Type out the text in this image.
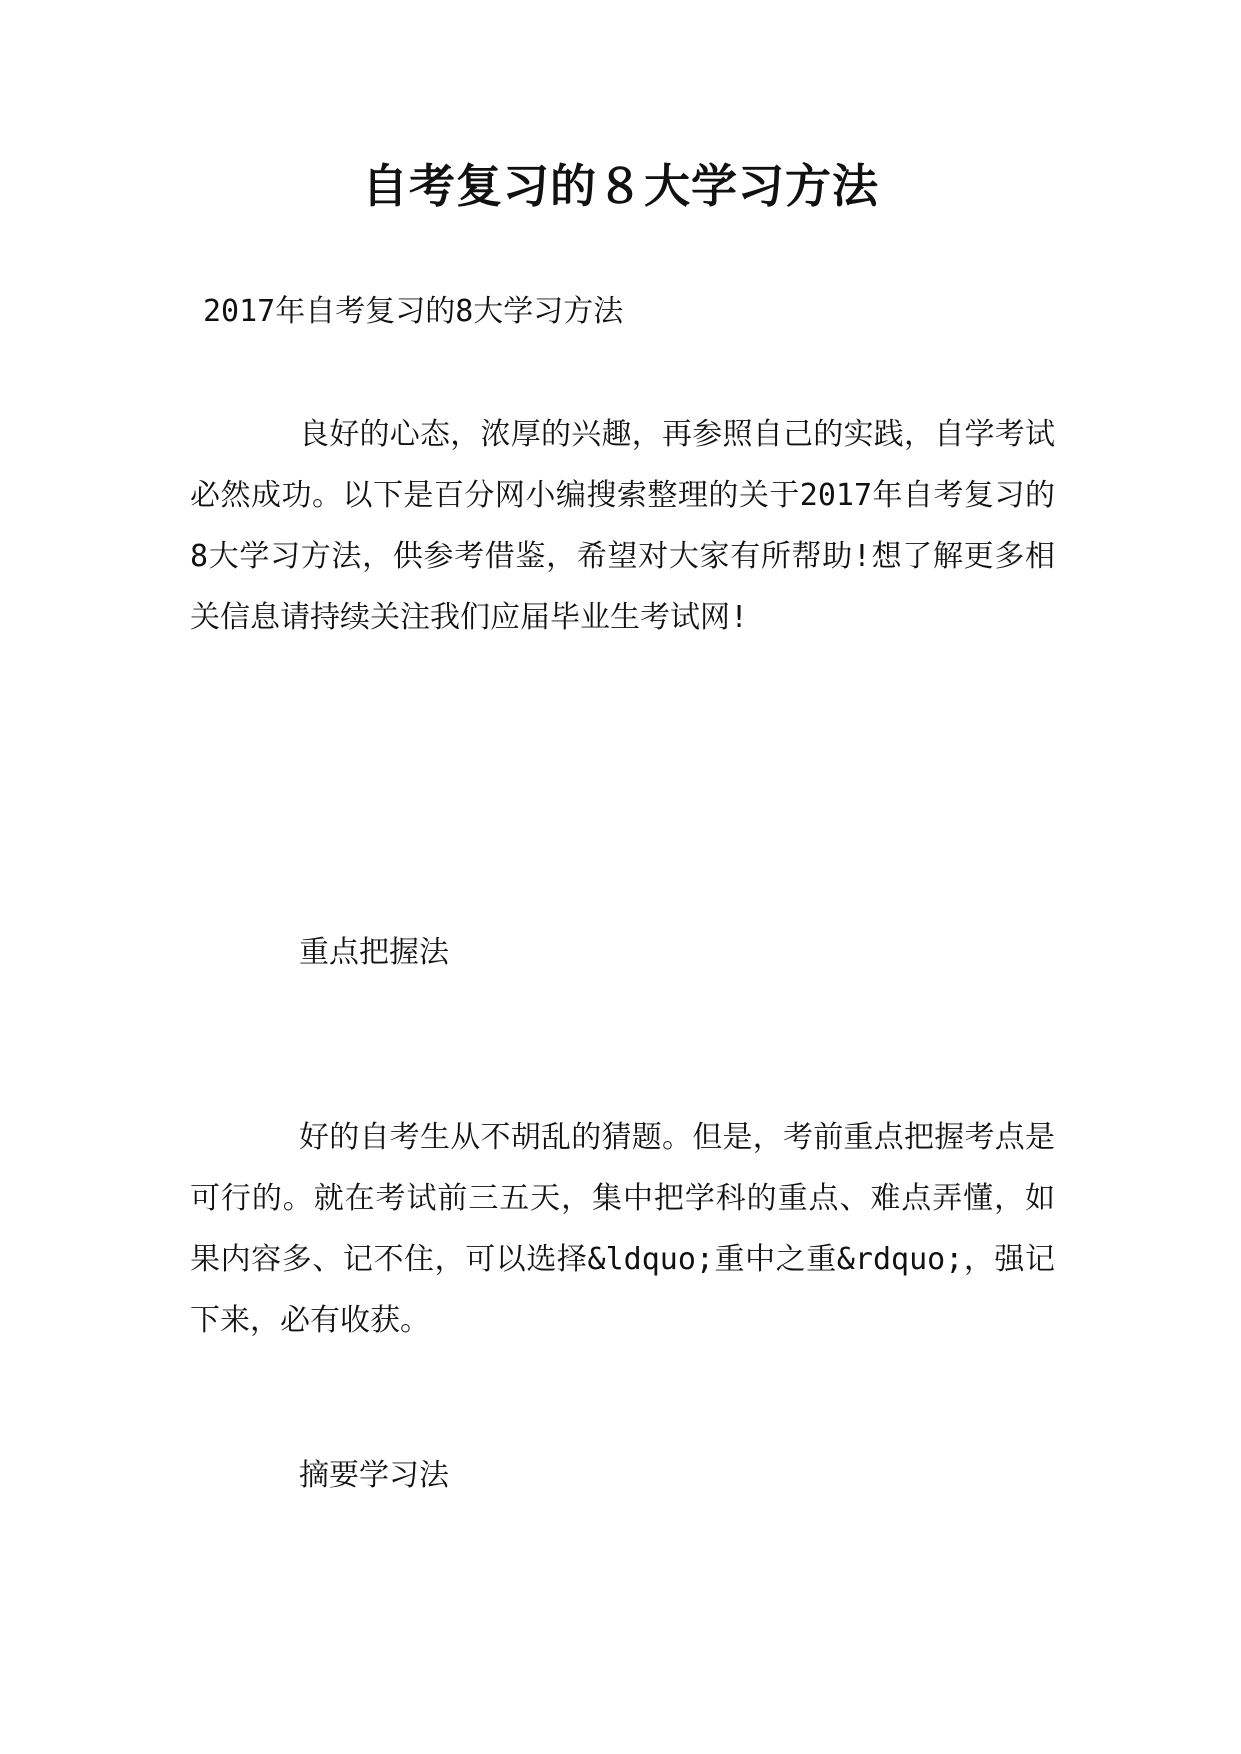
自考复习的８大学习方法
2017年自考复习的8大学习方法
良好的心态，浓厚的兴趣，再参照自己的实践，自学考试必然成功。以下是百分网小编搜索整理的关于2017年自考复习的8大学习方法，供参考借鉴，希望对大家有所帮助!想了解更多相关信息请持续关注我们应届毕业生考试网!
重点把握法
好的自考生从不胡乱的猜题。但是，考前重点把握考点是可行的。就在考试前三五天，集中把学科的重点、难点弄懂，如果内容多、记不住，可以选择&ldquo;重中之重&rdquo;，强记下来，必有收获。
摘要学习法
